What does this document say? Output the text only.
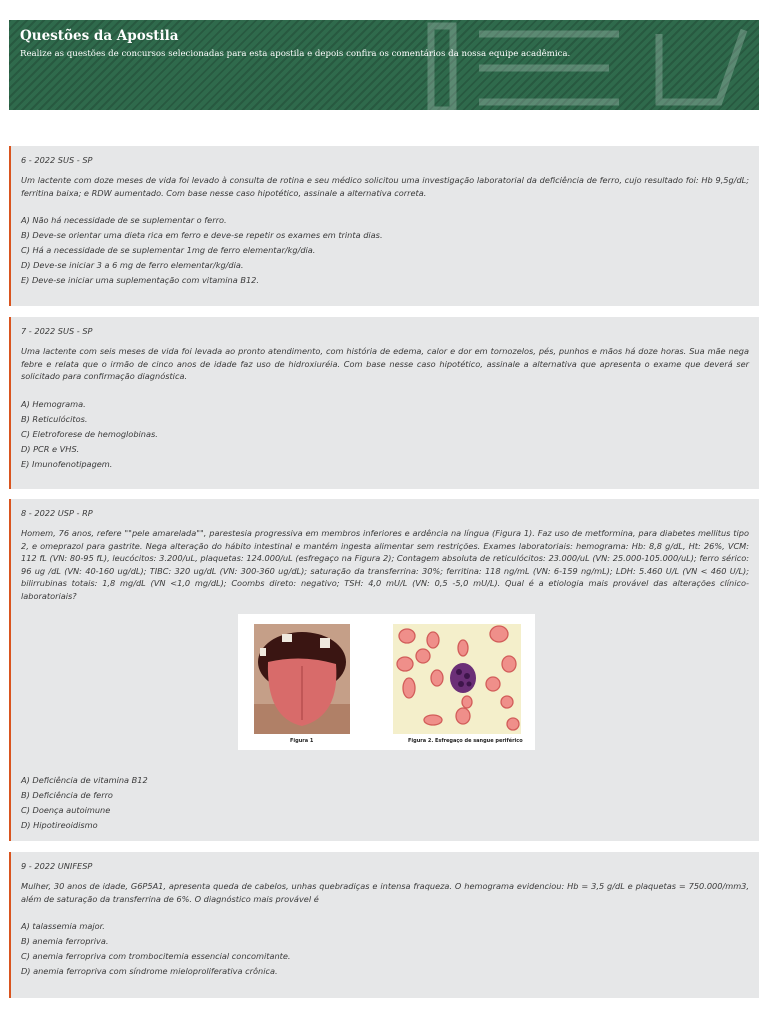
Questões da Apostila

Realize as questões de concursos selecionadas para esta apostila e depois confira os comentários da nossa equipe acadêmica.

6 - 2022 SUS - SP

Um lactente com doze meses de vida foi levado à consulta de rotina e seu médico solicitou uma investigação laboratorial da deficiência de ferro, cujo resultado foi: Hb 9,5g/dL; ferritina baixa; e RDW aumentado. Com base nesse caso hipotético, assinale a alternativa correta.

A) Não há necessidade de se suplementar o ferro.

B) Deve-se orientar uma dieta rica em ferro e deve-se repetir os exames em trinta dias.

C) Há a necessidade de se suplementar 1mg de ferro elementar/kg/dia.

D) Deve-se iniciar 3 a 6 mg de ferro elementar/kg/dia.

E) Deve-se iniciar uma suplementação com vitamina B12.

7 - 2022 SUS - SP

Uma lactente com seis meses de vida foi levada ao pronto atendimento, com história de edema, calor e dor em tornozelos, pés, punhos e mãos há doze horas. Sua mãe nega febre e relata que o irmão de cinco anos de idade faz uso de hidroxiuréia. Com base nesse caso hipotético, assinale a alternativa que apresenta o exame que deverá ser solicitado para confirmação diagnóstica.

A) Hemograma.

B) Reticulócitos.

C) Eletroforese de hemoglobinas.

D) PCR e VHS.

E) Imunofenotipagem.

8 - 2022 USP - RP

Homem, 76 anos, refere ""pele amarelada"", parestesia progressiva em membros inferiores e ardência na língua (Figura 1). Faz uso de metformina, para diabetes mellitus tipo 2, e omeprazol para gastrite. Nega alteração do hábito intestinal e mantém ingesta alimentar sem restrições. Exames laboratoriais: hemograma: Hb: 8,8 g/dL, Ht: 26%, VCM: 112 fL (VN: 80-95 fL), leucócitos: 3.200/uL, plaquetas: 124.000/uL (esfregaço na Figura 2); Contagem absoluta de reticulócitos: 23.000/uL (VN: 25.000-105.000/uL); ferro sérico: 96 ug /dL (VN: 40-160 ug/dL); TIBC: 320 ug/dL (VN: 300-360 ug/dL); saturação da transferrina: 30%; ferritina: 118 ng/mL (VN: 6-159 ng/mL); LDH: 5.460 U/L (VN < 460 U/L); bilirrubinas totais: 1,8 mg/dL (VN <1,0 mg/dL); Coombs direto: negativo; TSH: 4,0 mU/L (VN: 0,5 -5,0 mU/L). Qual é a etiologia mais provável das alterações clínico-laboratoriais?

Figura 1	Figura 2. Esfregaço de sangue periférico

A) Deficiência de vitamina B12

B) Deficiência de ferro

C) Doença autoimune

D) Hipotireoidismo

9 - 2022 UNIFESP

Mulher, 30 anos de idade, G6P5A1, apresenta queda de cabelos, unhas quebradiças e intensa fraqueza. O hemograma evidenciou: Hb = 3,5 g/dL e plaquetas = 750.000/mm3, além de saturação da transferrina de 6%. O diagnóstico mais provável é

A) talassemia major.

B) anemia ferropriva.

C) anemia ferropriva com trombocitemia essencial concomitante.

D) anemia ferropriva com síndrome mieloproliferativa crônica.
